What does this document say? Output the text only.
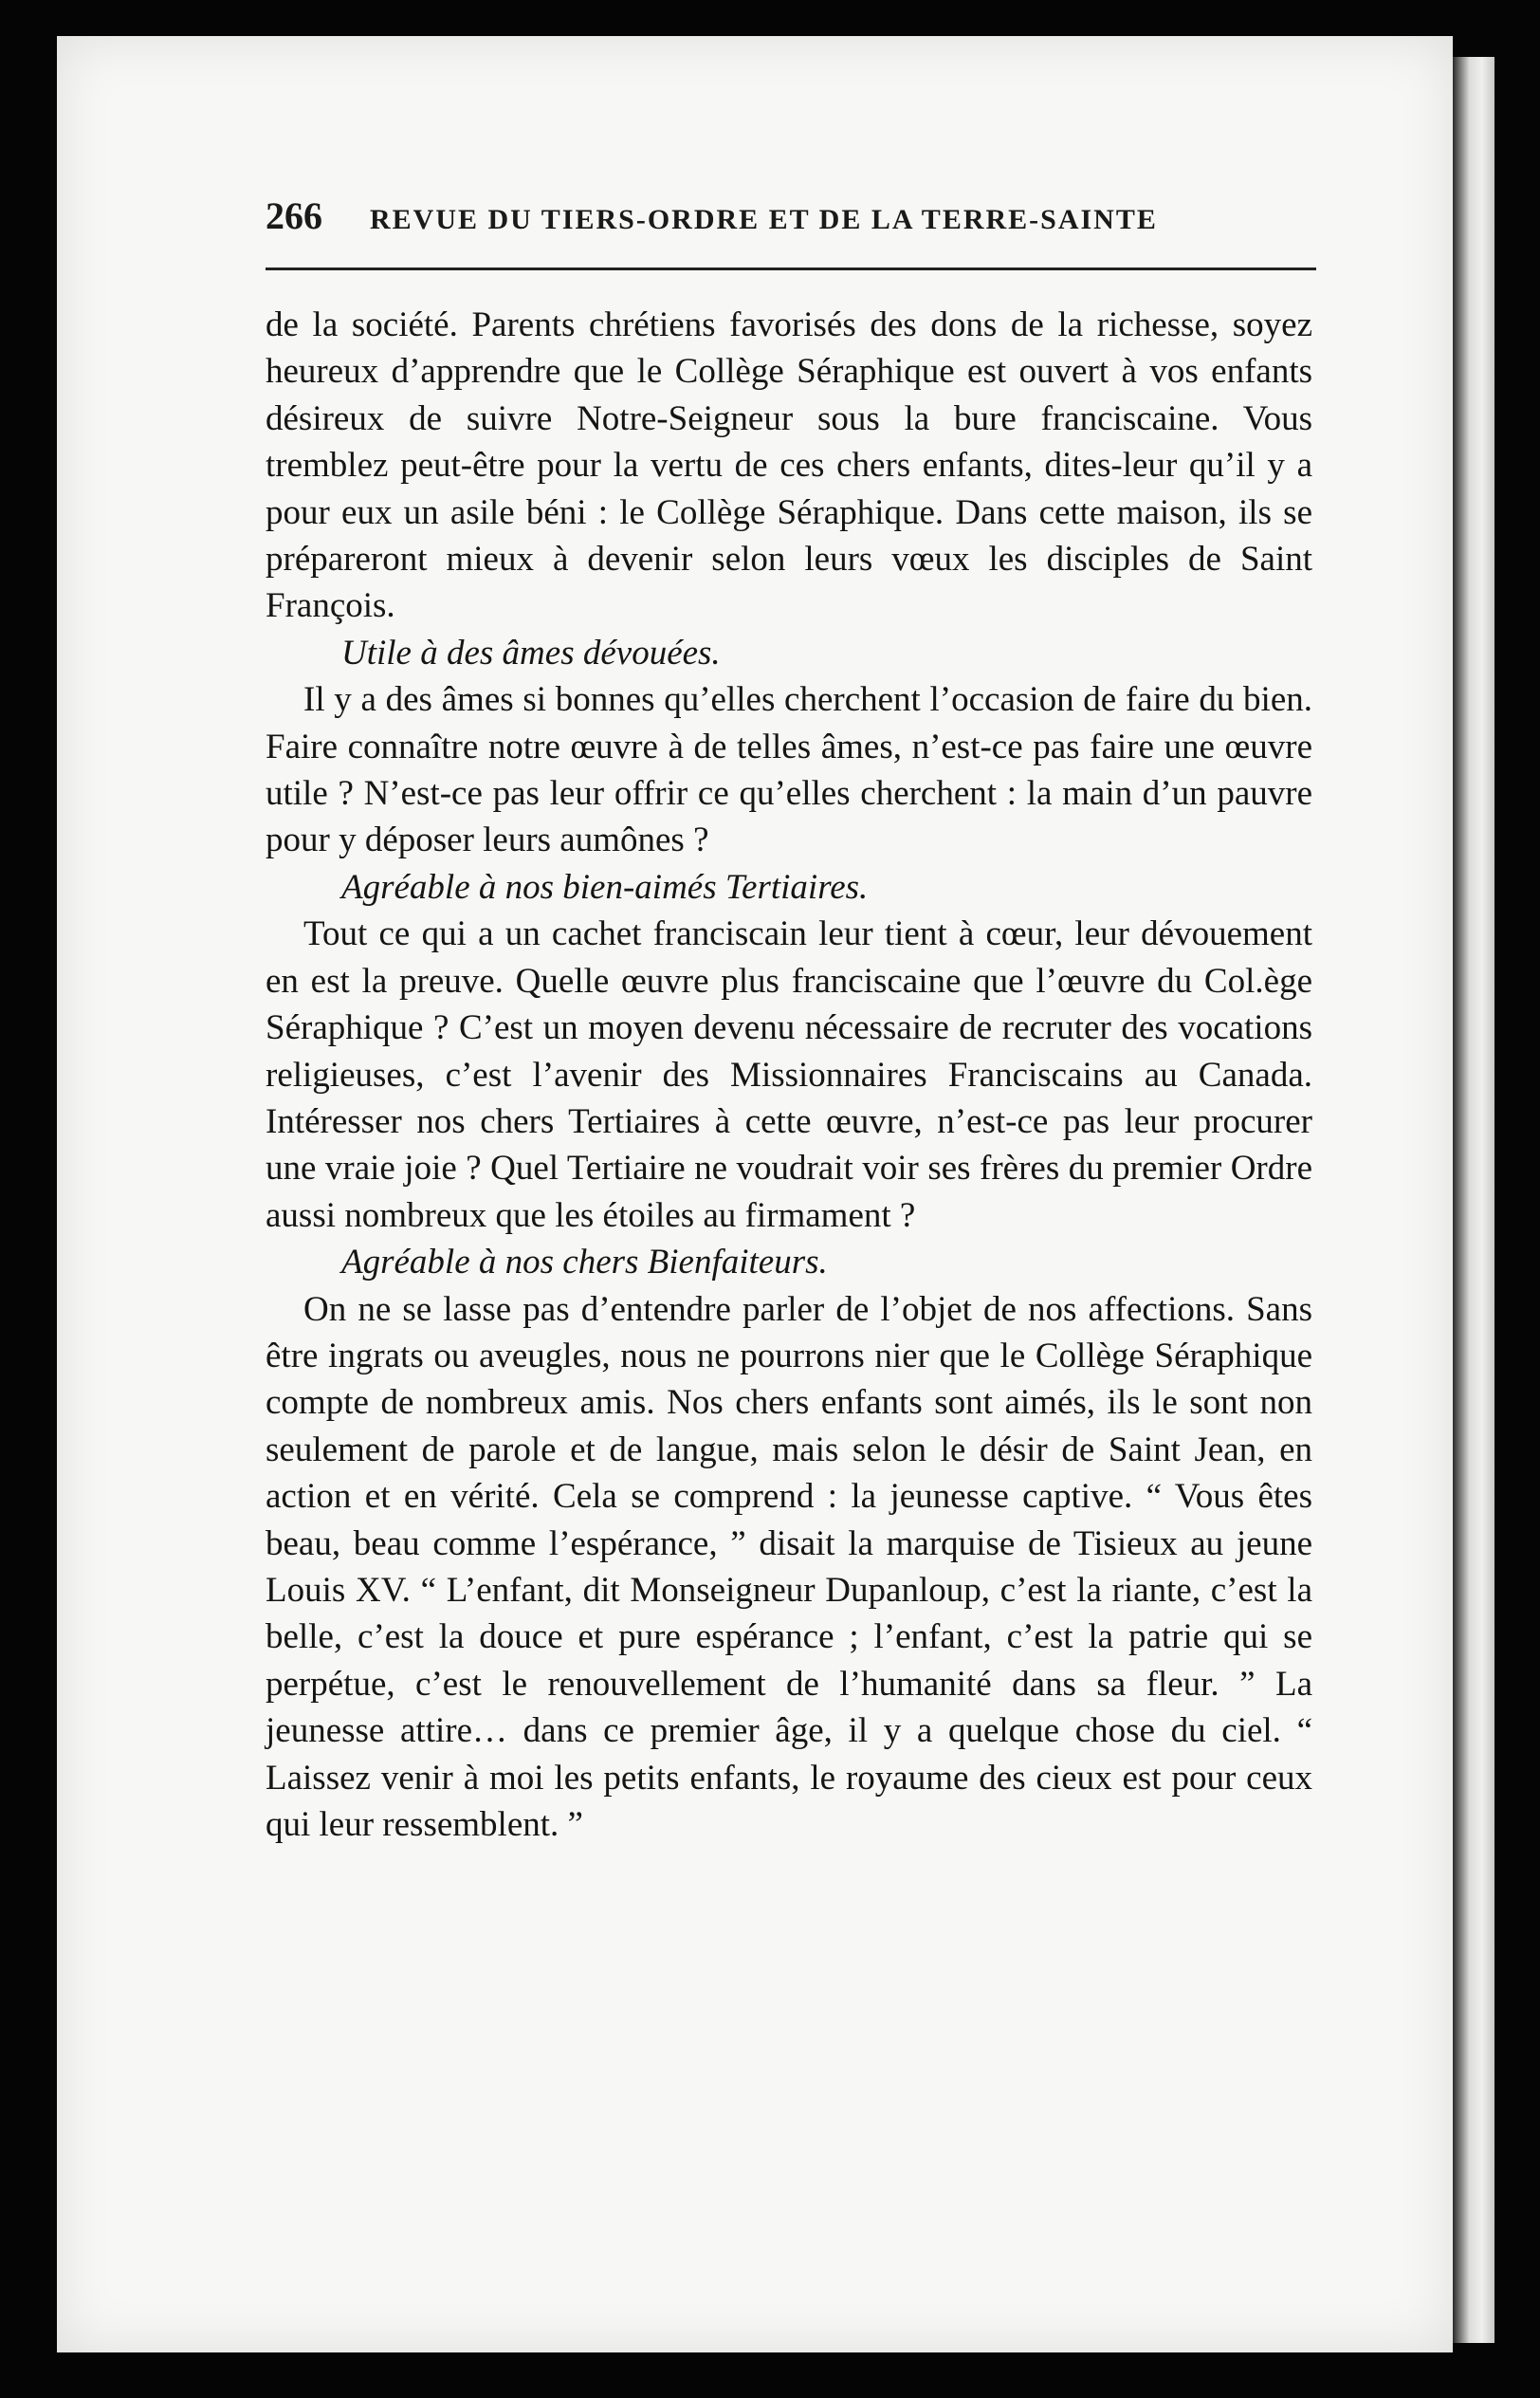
266 REVUE DU TIERS-ORDRE ET DE LA TERRE-SAINTE

de la société. Parents chrétiens favorisés des dons de la richesse, soyez heureux d’apprendre que le Collège Séraphique est ouvert à vos enfants désireux de suivre Notre-Seigneur sous la bure franciscaine. Vous tremblez peut-être pour la vertu de ces chers enfants, dites-leur qu’il y a pour eux un asile béni : le Collège Séraphique. Dans cette maison, ils se prépareront mieux à devenir selon leurs vœux les disciples de Saint François.

Utile à des âmes dévouées.

Il y a des âmes si bonnes qu’elles cherchent l’occasion de faire du bien. Faire connaître notre œuvre à de telles âmes, n’est-ce pas faire une œuvre utile ? N’est-ce pas leur offrir ce qu’elles cherchent : la main d’un pauvre pour y déposer leurs aumônes ?

Agréable à nos bien-aimés Tertiaires.

Tout ce qui a un cachet franciscain leur tient à cœur, leur dévouement en est la preuve. Quelle œuvre plus franciscaine que l’œuvre du Col.ège Séraphique ? C’est un moyen devenu nécessaire de recruter des vocations religieuses, c’est l’avenir des Missionnaires Franciscains au Canada. Intéresser nos chers Tertiaires à cette œuvre, n’est-ce pas leur procurer une vraie joie ? Quel Tertiaire ne voudrait voir ses frères du premier Ordre aussi nombreux que les étoiles au firmament ?

Agréable à nos chers Bienfaiteurs.

On ne se lasse pas d’entendre parler de l’objet de nos affections. Sans être ingrats ou aveugles, nous ne pourrons nier que le Collège Séraphique compte de nombreux amis. Nos chers enfants sont aimés, ils le sont non seulement de parole et de langue, mais selon le désir de Saint Jean, en action et en vérité. Cela se comprend : la jeunesse captive. “ Vous êtes beau, beau comme l’espérance, ” disait la marquise de Tisieux au jeune Louis XV. “ L’enfant, dit Monseigneur Dupanloup, c’est la riante, c’est la belle, c’est la douce et pure espérance ; l’enfant, c’est la patrie qui se perpétue, c’est le renouvellement de l’humanité dans sa fleur. ” La jeunesse attire… dans ce premier âge, il y a quelque chose du ciel. “ Laissez venir à moi les petits enfants, le royaume des cieux est pour ceux qui leur ressemblent. ”
